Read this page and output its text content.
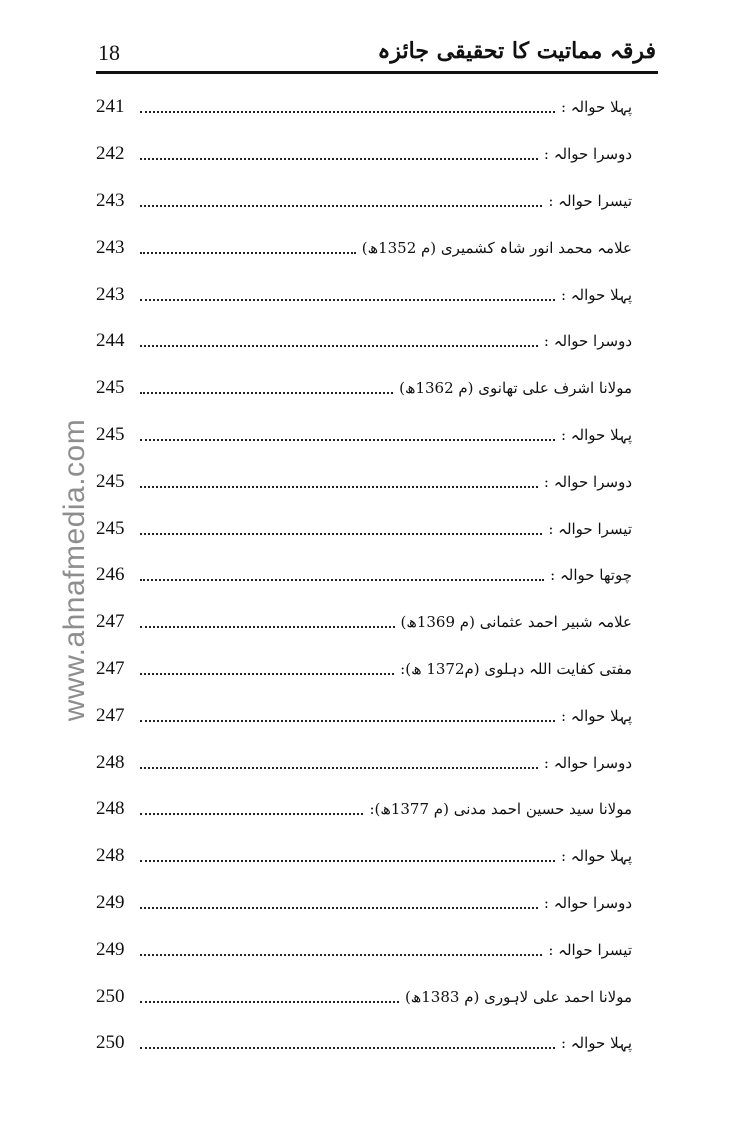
18	فرقہ مماتیت کا تحقیقی جائزہ
www.ahnafmedia.com
پہلا حوالہ :
241
دوسرا حوالہ :
242
تیسرا حوالہ :
243
علامہ محمد انور شاہ کشمیری (م 1352ھ)
243
پہلا حوالہ :
243
دوسرا حوالہ :
244
مولانا اشرف علی تھانوی (م 1362ھ)
245
پہلا حوالہ :
245
دوسرا حوالہ :
245
تیسرا حوالہ :
245
چوتھا حوالہ :
246
علامہ شبیر احمد عثمانی (م 1369ھ)
247
مفتی کفایت اللہ دہلوی (م1372 ھ):
247
پہلا حوالہ :
247
دوسرا حوالہ :
248
مولانا سید حسین احمد مدنی (م 1377ھ):
248
پہلا حوالہ :
248
دوسرا حوالہ :
249
تیسرا حوالہ :
249
مولانا احمد علی لاہوری (م 1383ھ)
250
پہلا حوالہ :
250
